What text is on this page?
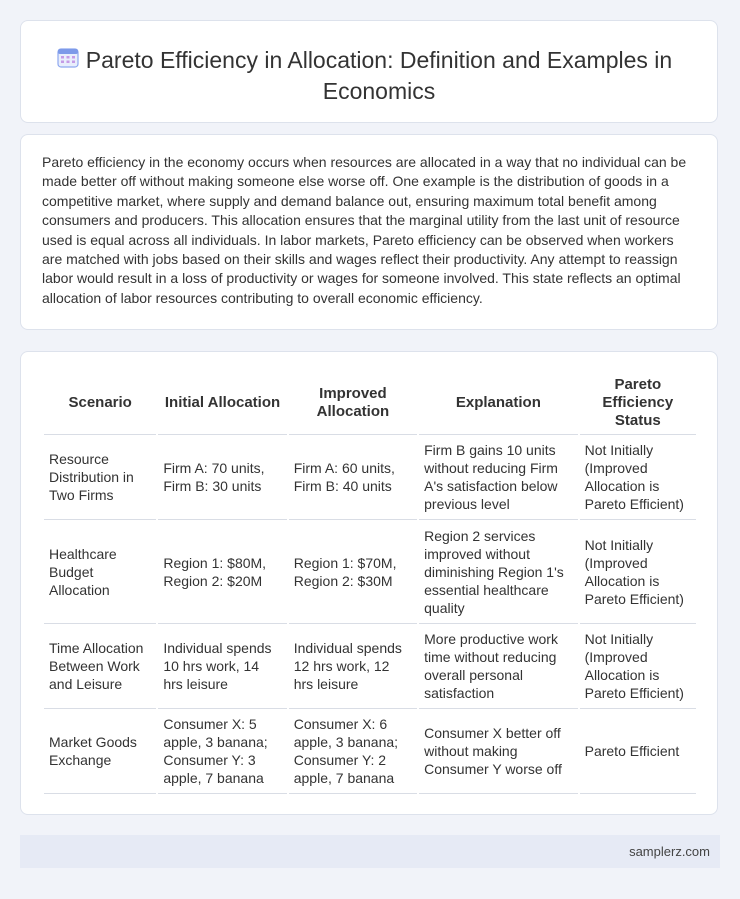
Pareto Efficiency in Allocation: Definition and Examples in Economics

Pareto efficiency in the economy occurs when resources are allocated in a way that no individual can be made better off without making someone else worse off. One example is the distribution of goods in a competitive market, where supply and demand balance out, ensuring maximum total benefit among consumers and producers. This allocation ensures that the marginal utility from the last unit of resource used is equal across all individuals. In labor markets, Pareto efficiency can be observed when workers are matched with jobs based on their skills and wages reflect their productivity. Any attempt to reassign labor would result in a loss of productivity or wages for someone involved. This state reflects an optimal allocation of labor resources contributing to overall economic efficiency.

Scenario	Initial Allocation	Improved Allocation	Explanation	Pareto Efficiency Status
Resource Distribution in Two Firms	Firm A: 70 units, Firm B: 30 units	Firm A: 60 units, Firm B: 40 units	Firm B gains 10 units without reducing Firm A's satisfaction below previous level	Not Initially (Improved Allocation is Pareto Efficient)
Healthcare Budget Allocation	Region 1: $80M, Region 2: $20M	Region 1: $70M, Region 2: $30M	Region 2 services improved without diminishing Region 1's essential healthcare quality	Not Initially (Improved Allocation is Pareto Efficient)
Time Allocation Between Work and Leisure	Individual spends 10 hrs work, 14 hrs leisure	Individual spends 12 hrs work, 12 hrs leisure	More productive work time without reducing overall personal satisfaction	Not Initially (Improved Allocation is Pareto Efficient)
Market Goods Exchange	Consumer X: 5 apple, 3 banana; Consumer Y: 3 apple, 7 banana	Consumer X: 6 apple, 3 banana; Consumer Y: 2 apple, 7 banana	Consumer X better off without making Consumer Y worse off	Pareto Efficient
samplerz.com
